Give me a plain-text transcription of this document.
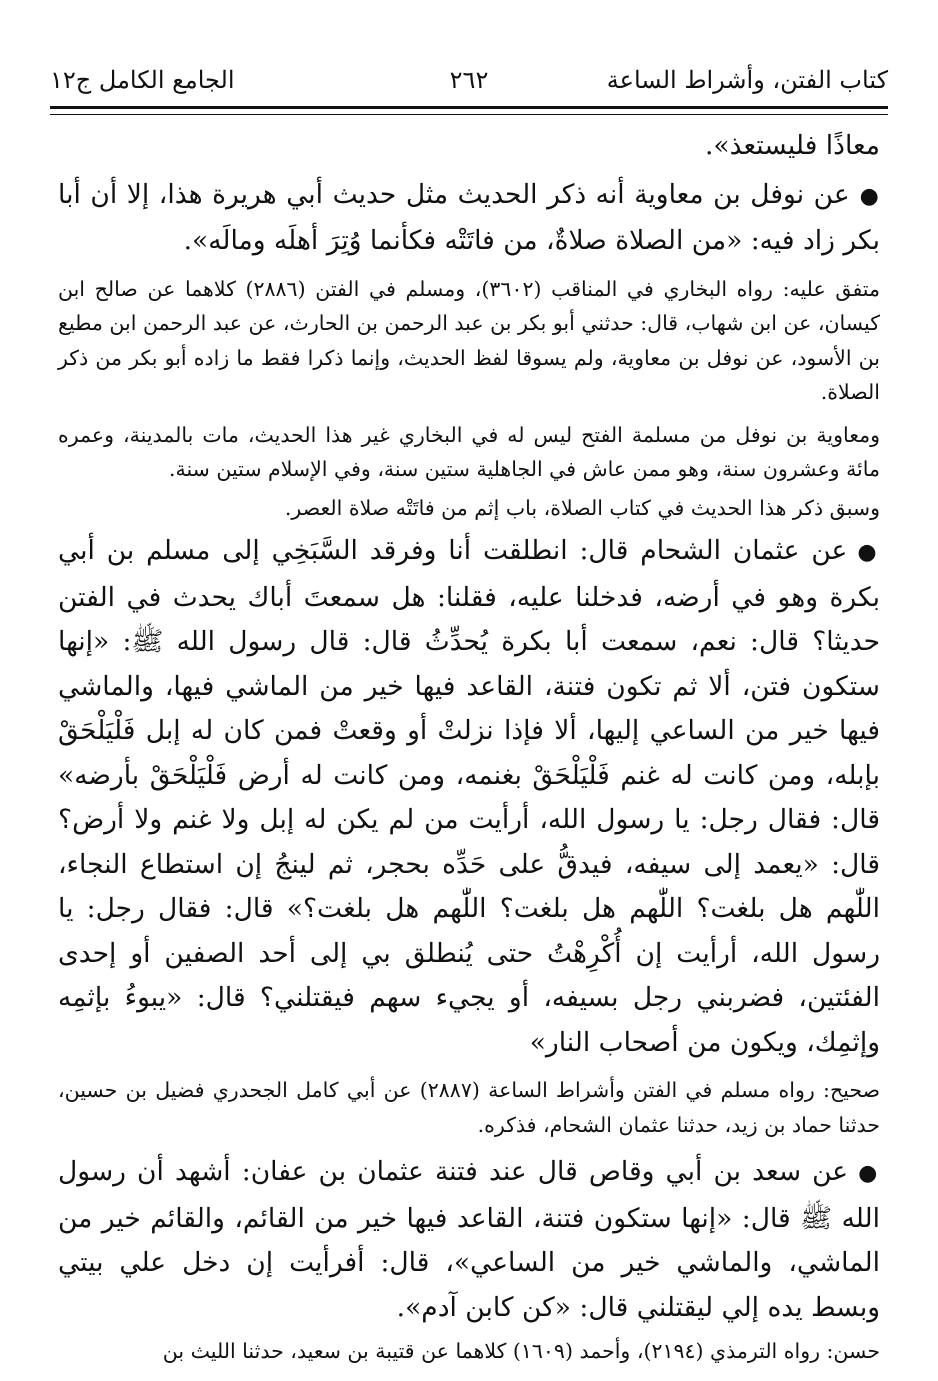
كتاب الفتن، وأشراط الساعة
٢٦٢
الجامع الكامل ج١٢

معاذًا فليستعذ».

●عن نوفل بن معاوية أنه ذكر الحديث مثل حديث أبي هريرة هذا، إلا أن أبا بكر زاد فيه: «من الصلاة صلاةٌ، من فاتَتْه فكأنما وُتِرَ أهلَه ومالَه».

متفق عليه: رواه البخاري في المناقب (٣٦٠٢)، ومسلم في الفتن (٢٨٨٦) كلاهما عن صالح ابن كيسان، عن ابن شهاب، قال: حدثني أبو بكر بن عبد الرحمن بن الحارث، عن عبد الرحمن ابن مطيع بن الأسود، عن نوفل بن معاوية، ولم يسوقا لفظ الحديث، وإنما ذكرا فقط ما زاده أبو بكر من ذكر الصلاة.

ومعاوية بن نوفل من مسلمة الفتح ليس له في البخاري غير هذا الحديث، مات بالمدينة، وعمره مائة وعشرون سنة، وهو ممن عاش في الجاهلية ستين سنة، وفي الإسلام ستين سنة.

وسبق ذكر هذا الحديث في كتاب الصلاة، باب إثم من فاتَتْه صلاة العصر.

●عن عثمان الشحام قال: انطلقت أنا وفرقد السَّبَخِي إلى مسلم بن أبي بكرة وهو في أرضه، فدخلنا عليه، فقلنا: هل سمعتَ أباك يحدث في الفتن حديثا؟ قال: نعم، سمعت أبا بكرة يُحدِّثُ قال: قال رسول الله ﷺ: «إنها ستكون فتن، ألا ثم تكون فتنة، القاعد فيها خير من الماشي فيها، والماشي فيها خير من الساعي إليها، ألا فإذا نزلتْ أو وقعتْ فمن كان له إبل فَلْيَلْحَقْ بإبله، ومن كانت له غنم فَلْيَلْحَقْ بغنمه، ومن كانت له أرض فَلْيَلْحَقْ بأرضه» قال: فقال رجل: يا رسول الله، أرأيت من لم يكن له إبل ولا غنم ولا أرض؟ قال: «يعمد إلى سيفه، فيدقُّ على حَدِّه بحجر، ثم لينجُ إن استطاع النجاء، اللّٰهم هل بلغت؟ اللّٰهم هل بلغت؟ اللّٰهم هل بلغت؟» قال: فقال رجل: يا رسول الله، أرأيت إن أُكْرِهْتُ حتى يُنطلق بي إلى أحد الصفين أو إحدى الفئتين، فضربني رجل بسيفه، أو يجيء سهم فيقتلني؟ قال: «يبوءُ بإثمِه وإثمِك، ويكون من أصحاب النار»

صحيح: رواه مسلم في الفتن وأشراط الساعة (٢٨٨٧) عن أبي كامل الجحدري فضيل بن حسين، حدثنا حماد بن زيد، حدثنا عثمان الشحام، فذكره.

●عن سعد بن أبي وقاص قال عند فتنة عثمان بن عفان: أشهد أن رسول الله ﷺ قال: «إنها ستكون فتنة، القاعد فيها خير من القائم، والقائم خير من الماشي، والماشي خير من الساعي»، قال: أفرأيت إن دخل علي بيتي وبسط يده إلي ليقتلني قال: «كن كابن آدم».

حسن: رواه الترمذي (٢١٩٤)، وأحمد (١٦٠٩) كلاهما عن قتيبة بن سعيد، حدثنا الليث بن
